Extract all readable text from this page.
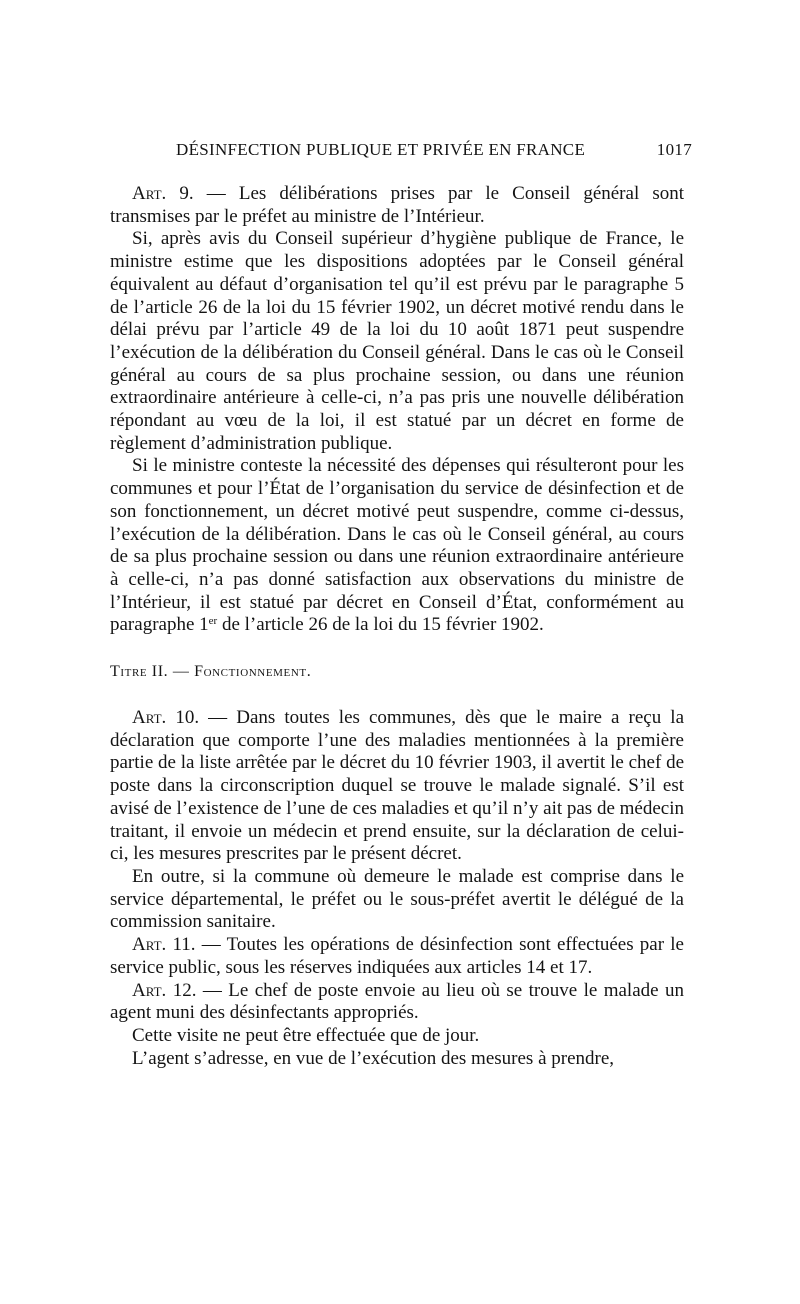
DÉSINFECTION PUBLIQUE ET PRIVÉE EN FRANCE	1017

Art. 9. — Les délibérations prises par le Conseil général sont transmises par le préfet au ministre de l’Intérieur.

Si, après avis du Conseil supérieur d’hygiène publique de France, le ministre estime que les dispositions adoptées par le Conseil général équivalent au défaut d’organisation tel qu’il est prévu par le paragraphe 5 de l’article 26 de la loi du 15 février 1902, un décret motivé rendu dans le délai prévu par l’article 49 de la loi du 10 août 1871 peut suspendre l’exécution de la délibération du Conseil général. Dans le cas où le Conseil général au cours de sa plus prochaine session, ou dans une réunion extraordinaire antérieure à celle-ci, n’a pas pris une nouvelle délibération répondant au vœu de la loi, il est statué par un décret en forme de règlement d’administration publique.

Si le ministre conteste la nécessité des dépenses qui résulteront pour les communes et pour l’État de l’organisation du service de désinfection et de son fonctionnement, un décret motivé peut suspendre, comme ci-dessus, l’exécution de la délibération. Dans le cas où le Conseil général, au cours de sa plus prochaine session ou dans une réunion extraordinaire antérieure à celle-ci, n’a pas donné satisfaction aux observations du ministre de l’Intérieur, il est statué par décret en Conseil d’État, conformément au paragraphe 1er de l’article 26 de la loi du 15 février 1902.

Titre II. — Fonctionnement.

Art. 10. — Dans toutes les communes, dès que le maire a reçu la déclaration que comporte l’une des maladies mentionnées à la première partie de la liste arrêtée par le décret du 10 février 1903, il avertit le chef de poste dans la circonscription duquel se trouve le malade signalé. S’il est avisé de l’existence de l’une de ces maladies et qu’il n’y ait pas de médecin traitant, il envoie un médecin et prend ensuite, sur la déclaration de celui-ci, les mesures prescrites par le présent décret.

En outre, si la commune où demeure le malade est comprise dans le service départemental, le préfet ou le sous-préfet avertit le délégué de la commission sanitaire.

Art. 11. — Toutes les opérations de désinfection sont effectuées par le service public, sous les réserves indiquées aux articles 14 et 17.

Art. 12. — Le chef de poste envoie au lieu où se trouve le malade un agent muni des désinfectants appropriés.

Cette visite ne peut être effectuée que de jour.

L’agent s’adresse, en vue de l’exécution des mesures à prendre,
